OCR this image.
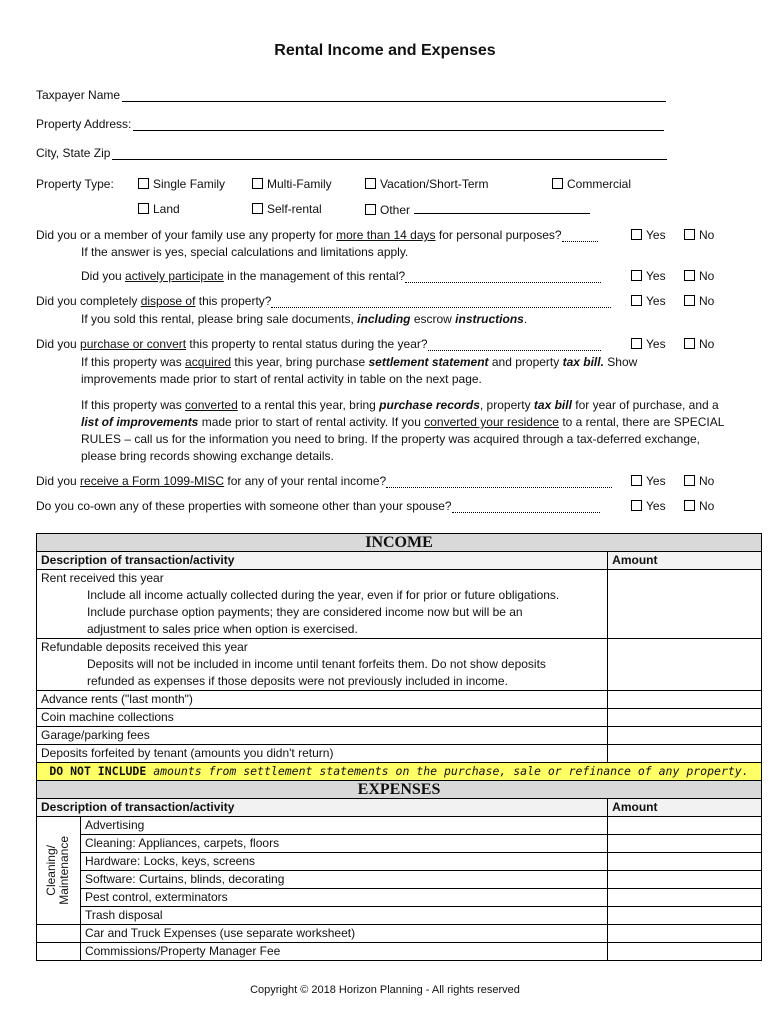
Rental Income and Expenses
Taxpayer Name
Property Address:
City, State Zip
Property Type:	Single Family	Multi-Family	Vacation/Short-Term	Commercial
Land	Self-rental	Other
Did you or a member of your family use any property for more than 14 days for personal purposes?	Yes	No
If the answer is yes, special calculations and limitations apply.
Did you actively participate in the management of this rental?	Yes	No
Did you completely dispose of this property?	Yes	No
If you sold this rental, please bring sale documents, including escrow instructions.
Did you purchase or convert this property to rental status during the year?	Yes	No
If this property was acquired this year, bring purchase settlement statement and property tax bill. Show improvements made prior to start of rental activity in table on the next page.
If this property was converted to a rental this year, bring purchase records, property tax bill for year of purchase, and a list of improvements made prior to start of rental activity. If you converted your residence to a rental, there are SPECIAL RULES – call us for the information you need to bring. If the property was acquired through a tax-deferred exchange, please bring records showing exchange details.
Did you receive a Form 1099-MISC for any of your rental income?	Yes	No
Do you co-own any of these properties with someone other than your spouse?	Yes	No
INCOME		
Description of transaction/activity		Amount
Rent received this year
Include all income actually collected during the year, even if for prior or future obligations.
Include purchase option payments; they are considered income now but will be an
adjustment to sales price when option is exercised.		

Refundable deposits received this year
Deposits will not be included in income until tenant forfeits them. Do not show deposits
refunded as expenses if those deposits were not previously included in income.		

Advance rents ("last month")		
Coin machine collections		
Garage/parking fees		
Deposits forfeited by tenant (amounts you didn't return)		
DO NOT INCLUDE amounts from settlement statements on the purchase, sale or refinance of any property.		
EXPENSES		
Description of transaction/activity		Amount

Cleaning/
Maintenance	Advertising	
	Cleaning: Appliances, carpets, floors	
	Hardware: Locks, keys, screens	
	Software: Curtains, blinds, decorating	
	Pest control, exterminators	
	Trash disposal	
	Car and Truck Expenses (use separate worksheet)	
	Commissions/Property Manager Fee	
Copyright © 2018 Horizon Planning - All rights reserved
